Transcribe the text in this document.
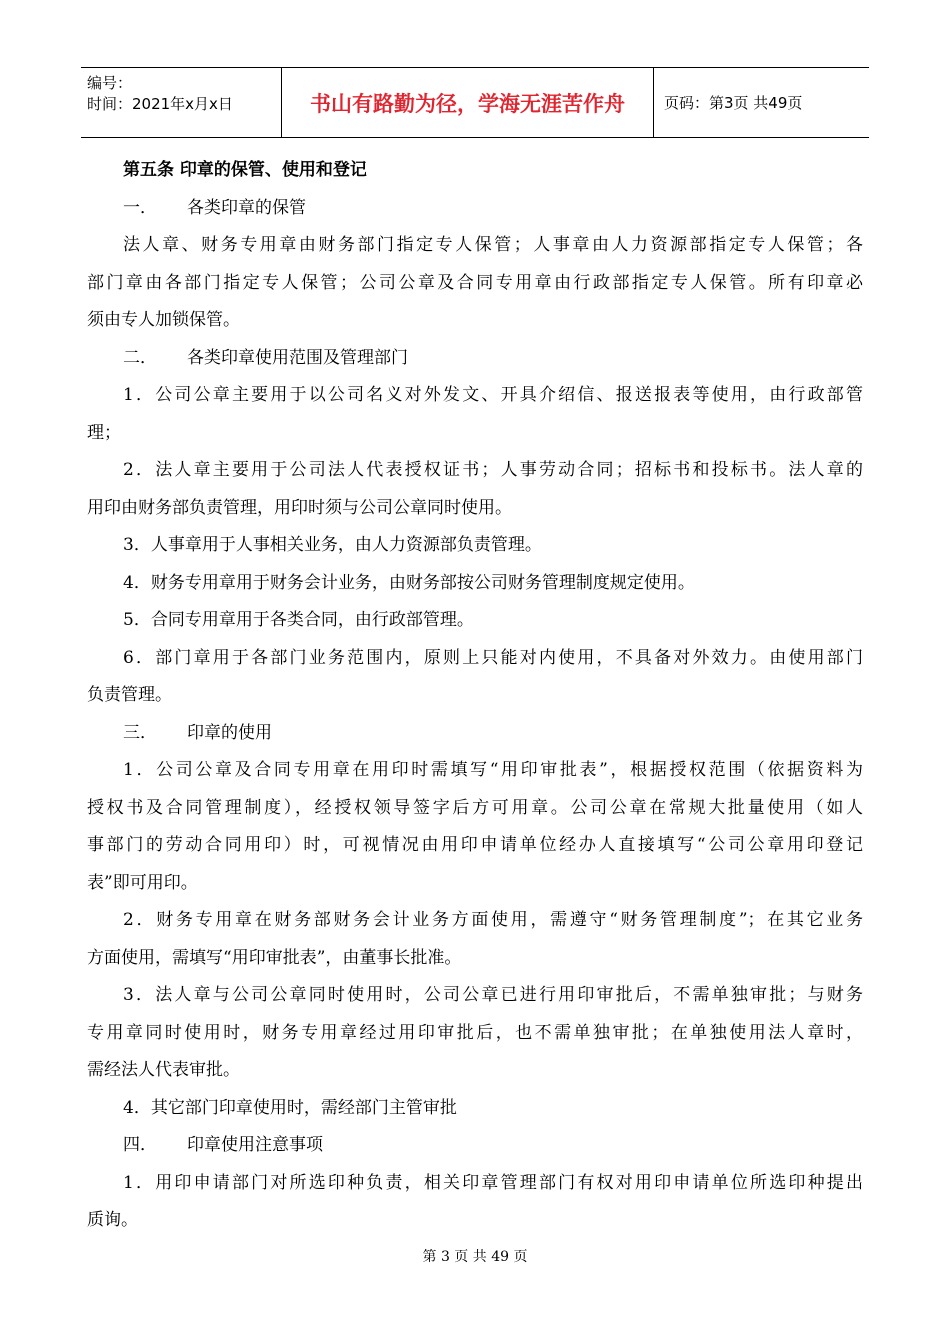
编号：
时间：2021年x月x日	书山有路勤为径，学海无涯苦作舟	页码：第3页 共49页
第五条 印章的保管、使用和登记
一． 各类印章的保管
法人章、财务专用章由财务部门指定专人保管；人事章由人力资源部指定专人保管；各
部门章由各部门指定专人保管；公司公章及合同专用章由行政部指定专人保管。所有印章必
须由专人加锁保管。
二． 各类印章使用范围及管理部门
1．公司公章主要用于以公司名义对外发文、开具介绍信、报送报表等使用，由行政部管
理；
2．法人章主要用于公司法人代表授权证书；人事劳动合同；招标书和投标书。法人章的
用印由财务部负责管理，用印时须与公司公章同时使用。
3．人事章用于人事相关业务，由人力资源部负责管理。
4．财务专用章用于财务会计业务，由财务部按公司财务管理制度规定使用。
5．合同专用章用于各类合同，由行政部管理。
6．部门章用于各部门业务范围内，原则上只能对内使用，不具备对外效力。由使用部门
负责管理。
三． 印章的使用
1．公司公章及合同专用章在用印时需填写“用印审批表”，根据授权范围（依据资料为
授权书及合同管理制度），经授权领导签字后方可用章。公司公章在常规大批量使用（如人
事部门的劳动合同用印）时，可视情况由用印申请单位经办人直接填写“公司公章用印登记
表”即可用印。
2．财务专用章在财务部财务会计业务方面使用，需遵守“财务管理制度”；在其它业务
方面使用，需填写“用印审批表”，由董事长批准。
3．法人章与公司公章同时使用时，公司公章已进行用印审批后，不需单独审批；与财务
专用章同时使用时，财务专用章经过用印审批后，也不需单独审批；在单独使用法人章时，
需经法人代表审批。
4．其它部门印章使用时，需经部门主管审批
四． 印章使用注意事项
1．用印申请部门对所选印种负责，相关印章管理部门有权对用印申请单位所选印种提出
质询。
第 3 页 共 49 页
